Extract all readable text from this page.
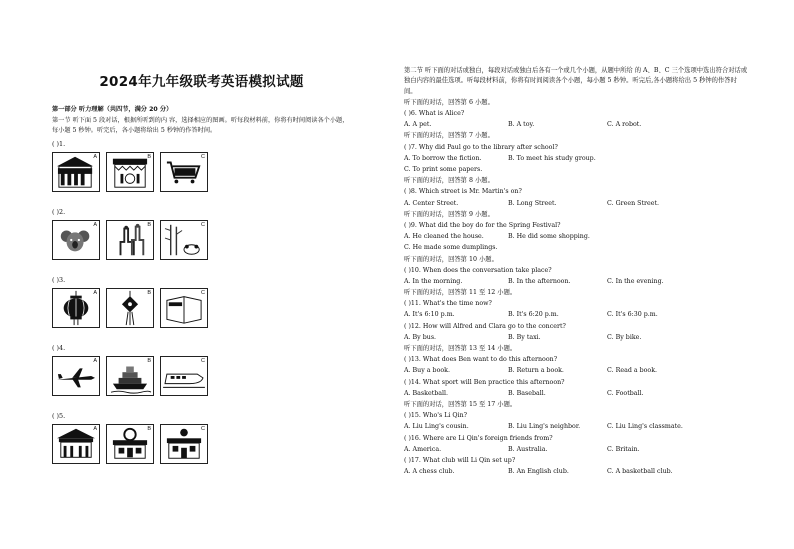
2024年九年级联考英语模拟试题
第一部分 听力理解（共四节，满分 20 分）
第一节 听下面 5 段对话，根据所听到的内 容，选择相应的图画。听每段材料前，你将有时间阅读各个小题，每小题 5 秒钟。听完后，各小题将给出 5 秒钟的作答时间。
( )1.
A	B	C
( )2.
A	B	C
( )3.
A	B	C
( )4.
A	B	C
( )5.
A	B	C
第二节 听下面的对话或独白，每段对话或独白后各有一个或几个小题，从题中所给 的 A、B、C 三个选项中选出符合对话或独白内容的最佳选项。听每段材料前，你将有时间阅读各个小题，每小题 5 秒钟。听完后,各小题将给出 5 秒钟的作答时间。
听下面的对话，回答第 6 小题。
( )6. What is Alice?
A. A pet.	B. A toy.	C. A robot.
听下面的对话，回答第 7 小题。
( )7. Why did Paul go to the library after school?
A. To borrow the fiction.	B. To meet his study group.
C. To print some papers.
听下面的对话，回答第 8 小题。
( )8. Which street is Mr. Martin's on?
A. Center Street.	B. Long Street.	C. Green Street.
听下面的对话，回答第 9 小题。
( )9. What did the boy do for the Spring Festival?
A. He cleaned the house.	B. He did some shopping.
C. He made some dumplings.
听下面的对话，回答第 10 小题。
( )10. When does the conversation take place?
A. In the morning.	B. In the afternoon.	C. In the evening.
听下面的对话，回答第 11 至 12 小题。
( )11. What's the time now?
A. It's 6:10 p.m.	B. It's 6:20 p.m.	C. It's 6:30 p.m.
( )12. How will Alfred and Clara go to the concert?
A. By bus.	B. By taxi.	C. By bike.
听下面的对话，回答第 13 至 14 小题。
( )13. What does Ben want to do this afternoon?
A. Buy a book.	B. Return a book.	C. Read a book.
( )14. What sport will Ben practice this afternoon?
A. Basketball.	B. Baseball.	C. Football.
听下面的对话，回答第 15 至 17 小题。
( )15. Who's Li Qin?
A. Liu Ling's cousin.	B. Liu Ling's neighbor.	C. Liu Ling's classmate.
( )16. Where are Li Qin's foreign friends from?
A. America.	B. Australia.	C. Britain.
( )17. What club will Li Qin set up?
A. A chess club.	B. An English club.	C. A basketball club.
